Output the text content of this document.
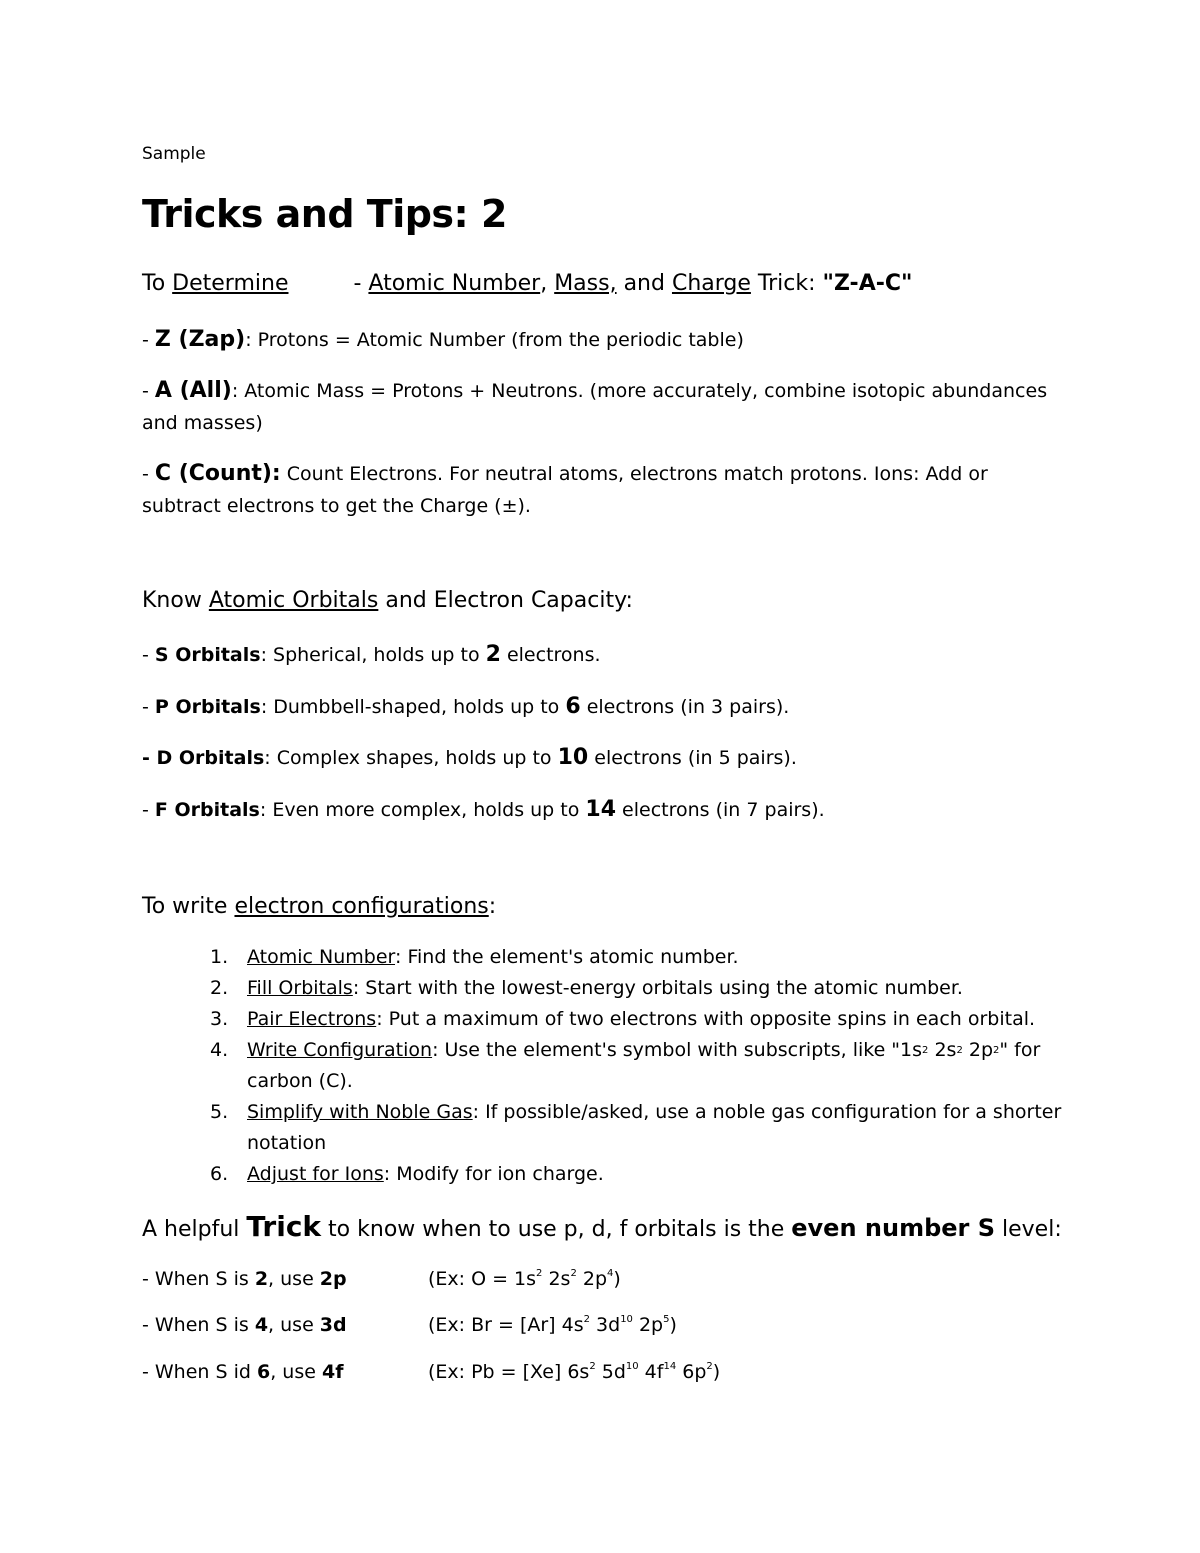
Sample
Tricks and Tips: 2
To Determine	- Atomic Number, Mass, and Charge Trick: "Z-A-C"
- Z (Zap): Protons = Atomic Number (from the periodic table)
- A (All): Atomic Mass = Protons + Neutrons. (more accurately, combine isotopic abundances
and masses)
- C (Count): Count Electrons. For neutral atoms, electrons match protons. Ions: Add or
subtract electrons to get the Charge (±).
Know Atomic Orbitals and Electron Capacity:
- S Orbitals: Spherical, holds up to 2 electrons.
- P Orbitals: Dumbbell-shaped, holds up to 6 electrons (in 3 pairs).
- D Orbitals: Complex shapes, holds up to 10 electrons (in 5 pairs).
- F Orbitals: Even more complex, holds up to 14 electrons (in 7 pairs).
To write electron configurations:
1. Atomic Number: Find the element's atomic number.
2. Fill Orbitals: Start with the lowest-energy orbitals using the atomic number.
3. Pair Electrons: Put a maximum of two electrons with opposite spins in each orbital.
4. Write Configuration: Use the element's symbol with subscripts, like "$1s^2$ $2s^2$ $2p^2$" for carbon (C).
5. Simplify with Noble Gas: If possible/asked, use a noble gas configuration for a shorter notation
6. Adjust for Ions: Modify for ion charge.
A helpful Trick to know when to use p, d, f orbitals is the even number S level:
- When S is 2, use 2p	(Ex: $O = 1s^2$ $2s^2$ $2p^4$)
- When S is 4, use 3d	(Ex: Br = [Ar] $4s^2$ $3d^{10}$ $2p^5$)
- When S id 6, use 4f	(Ex: Pb = [Xe] $6s^2$ $5d^{10}$ $4f^{14}$ $6p^2$)
